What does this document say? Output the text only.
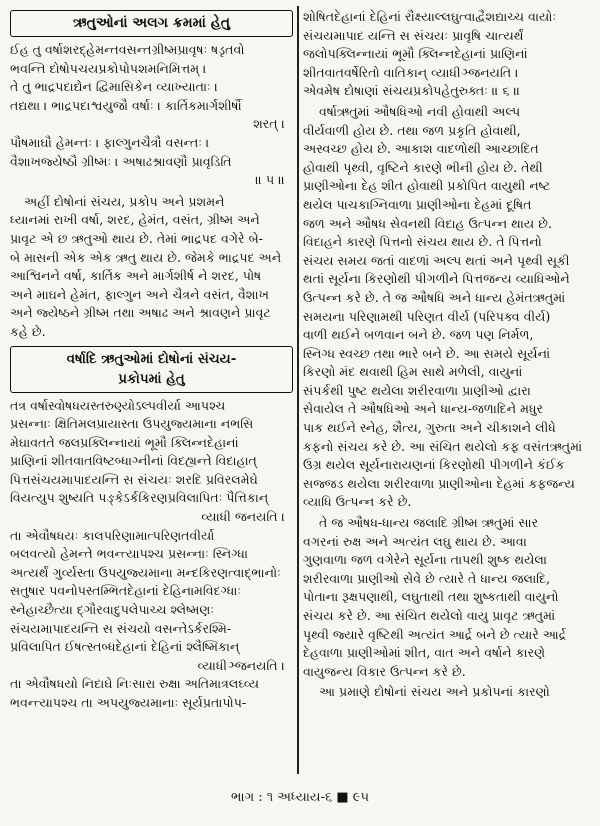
ઋતુઓનાં અલગ ક્રમમાં હેતુ
ઈહ તુ વર્ષાશરદ્હેમન્તવસન્તગ્રીષ્મપ્રાવૃષઃ ષડૃતવો
ભવન્તિ દોષોપચયપ્રકોપોપશમનિમિત્તમ્ ।
તે તુ ભાદ્રપદાદ્યેન દ્વિમાસિકેન વ્યાખ્યાતાઃ ।
તદ્યથા । ભાદ્રપદાશ્વયુજૌ વર્ષાઃ । કાર્તિકમાર્ગશીર્ષૌ
શરત્ ।
પૌષમાઘૌ હેમન્તઃ । ફાલ્ગુનચૈત્રૌ વસન્તઃ ।
વૈશાખજ્યેષ્ઠૌ ગ્રીષ્મઃ । અષાઢશ્રાવણૌ પ્રાવૃડિતિ
॥ ૫ ॥
અહીં દોષોનાં સંચય, પ્રકોપ અને પ્રશમને
ધ્યાનમાં રાખી વર્ષા, શરદ, હેમંત, વસંત, ગ્રીષ્મ અને
પ્રાવૃટ એ છ ઋતુઓ થાય છે. તેમાં ભાદ્રપદ વગેરે બે-
બે માસની એક એક ઋતુ થાય છે. જેમકે ભાદ્રપદ અને
આશ્વિનને વર્ષા, કાર્તિક અને માર્ગશીર્ષ ને શરદ, પોષ
અને માઘને હેમંત, ફાલ્ગુન અને ચૈત્રને વસંત, વૈશાખ
અને જ્યેષ્ઠને ગ્રીષ્મ તથા અષાઢ અને શ્રાવણને પ્રાવૃટ
કહે છે.
વર્ષાદિ ઋતુઓમાં દોષોનાં સંચય-
પ્રકોપમાં હેતુ
તત્ર વર્ષાસ્વોષધયસ્તરુણ્યોઽલ્પવીર્યા આપશ્ચ
પ્રસન્નાઃ ક્ષિતિમલપ્રાયાસ્તા ઉપયુજ્યમાના નભસિ
મેઘાવતતે જલપ્રક્લિન્નાયાં ભૂમૌ ક્લિન્નદેહાનાં
પ્રાણિનાં શીતવાતવિષ્ટબ્ધાગ્નીનાં વિદહ્યન્તે વિદાહાત્
પિત્તસંચયમાપાદયન્તિ સ સંચયઃ શરદિ પ્રવિરલમેઘે
વિયત્યુપ શુષ્યતિ પઙ્કેઽર્કકિરણપ્રવિલાપિતઃ પૈત્તિકાન્
વ્યાધી જનયતિ ।
તા એવૌષધયઃ કાલપરિણામાત્પરિણતવીર્યા
બલવત્યો હેમન્તે ભવન્ત્યાપશ્ચ પ્રસન્નાઃ સ્નિગ્ધા
અત્યર્થં ગુર્વ્યસ્તા ઉપયુજ્યમાના મન્દકિરણત્વાદ્ભાનોઃ
સતુષાર પવનોપસ્તમ્ભિતદેહાનાં દેહિનામવિદગ્ધાઃ
સ્નેહાચ્છૈત્યા દ્ગૌરવાદુપલેપાચ્ચ શ્લેષ્મણઃ
સંચયમાપાદયન્તિ સ સંચયો વસન્તેઽર્કરશ્મિ-
પ્રવિલાપિત ઈષત્સ્તબ્ધદેહાનાં દેહિનાં શ્લૈષ્મિકાન્
વ્યાધીઞ્જનયતિ ।
તા એવૌષધયો નિદાઘે નિઃસારા રુક્ષા અતિમાત્રલઘ્વ્ય
ભવન્ત્યાપશ્ચ તા અપયુજ્યમાનાઃ સૂર્યપ્રતાપોપ-
શોષિતદેહાનાં દેહિનાં રૌક્ષ્યાલ્લઘુત્વાદ્વૈશદ્યાચ્ચ વાયોઃ
સંચયમાપાદ યન્તિ સ સંચયઃ પ્રાવૃષિ ચાત્યર્થં
જલોપક્લિન્નાયાં ભૂમૌ ક્લિન્નદેહાનાં પ્રાણિનાં
શીતવાતવર્ષેરિતો વાતિકાન્ વ્યાધીઞ્જનયતિ ।
એવમેષ દોષાણાં સંચયપ્રકોપહેતુરુક્તઃ ॥ ૬ ॥
વર્ષાઋતુમાં ઔષધિઓ નવી હોવાથી અલ્પ
વીર્યવાળી હોય છે. તથા જળ પ્રકૃતિ હોવાથી,
અસ્વચ્છ હોય છે. આકાશ વાદળોથી આચ્છાદિત
હોવાથી પૃથ્વી, વૃષ્ટિને કારણે ભીની હોય છે. તેથી
પ્રાણીઓના દેહ શીત હોવાથી પ્રકોપિત વાયુથી નષ્ટ
થયેલ પાચકાગ્નિવાળા પ્રાણીઓના દેહમાં દૂષિત
જળ અને ઔષધ સેવનથી વિદાહ ઉત્પન્ન થાય છે.
વિદાહને કારણે પિત્તનો સંચય થાય છે. તે પિત્તનો
સંચય સમય જતાં વાદળાં અલ્પ થતાં અને પૃથ્વી સૂકી
થતાં સૂર્યના કિરણોથી પીગળીને પિત્તજન્ય વ્યાધિઓને
ઉત્પન્ન કરે છે. તે જ ઔષધિ અને ધાન્ય હેમંતઋતુમાં
સમયના પરિણામથી પરિણત વીર્ય (પરિપક્વ વીર્ય)
વાળી થઈને બળવાન બને છે. જળ પણ નિર્મળ,
સ્નિગ્ધ સ્વચ્છ તથા ભારે બને છે. આ સમયે સૂર્યનાં
કિરણો મંદ થવાથી હિમ સાથે મળેલી, વાયુનાં
સંપર્કથી પુષ્ટ થયેલા શરીરવાળા પ્રાણીઓ દ્વારા
સેવાયેલ તે ઔષધિઓ અને ધાન્ય-જળાદિને મધુર
પાક થઈને સ્નેહ, શૈત્ય, ગુરુતા અને ચીકાશને લીધે
કફનો સંચય કરે છે. આ સંચિત થયેલો કફ વસંતઋતુમાં
ઉગ્ર થયેલ સૂર્યનારાયણનાં કિરણોથી પીગળીને કંઈક
સજ્જડ થયેલા શરીરવાળા પ્રાણીઓના દેહમાં કફજન્ય
વ્યાધિ ઉત્પન્ન કરે છે.
તે જ ઔષધ-ધાન્ય જલાદિ ગ્રીષ્મ ઋતુમાં સાર
વગરનાં રુક્ષ અને અત્યંત લઘુ થાય છે. આવા
ગુણવાળા જળ વગેરેને સૂર્યના તાપથી શુષ્ક થયેલા
શરીરવાળા પ્રાણીઓ સેવે છે ત્યારે તે ધાન્ય જલાદિ,
પોતાના રૂક્ષપણાથી, લઘુતાથી તથા શુષ્કતાથી વાયુનો
સંચય કરે છે. આ સંચિત થયેલો વાયુ પ્રાવૃટ ઋતુમાં
પૃથ્વી જ્યારે વૃષ્ટિથી અત્યંત આર્દ્ર બને છે ત્યારે આર્દ્ર
દેહવાળા પ્રાણીઓમાં શીત, વાત અને વર્ષાને કારણે
વાયુજન્ય વિકાર ઉત્પન્ન કરે છે.
આ પ્રમાણે દોષોનાં સંચય અને પ્રકોપનાં કારણો
ભાગ : ૧ અધ્યાય-૬ ■ ૯૫
